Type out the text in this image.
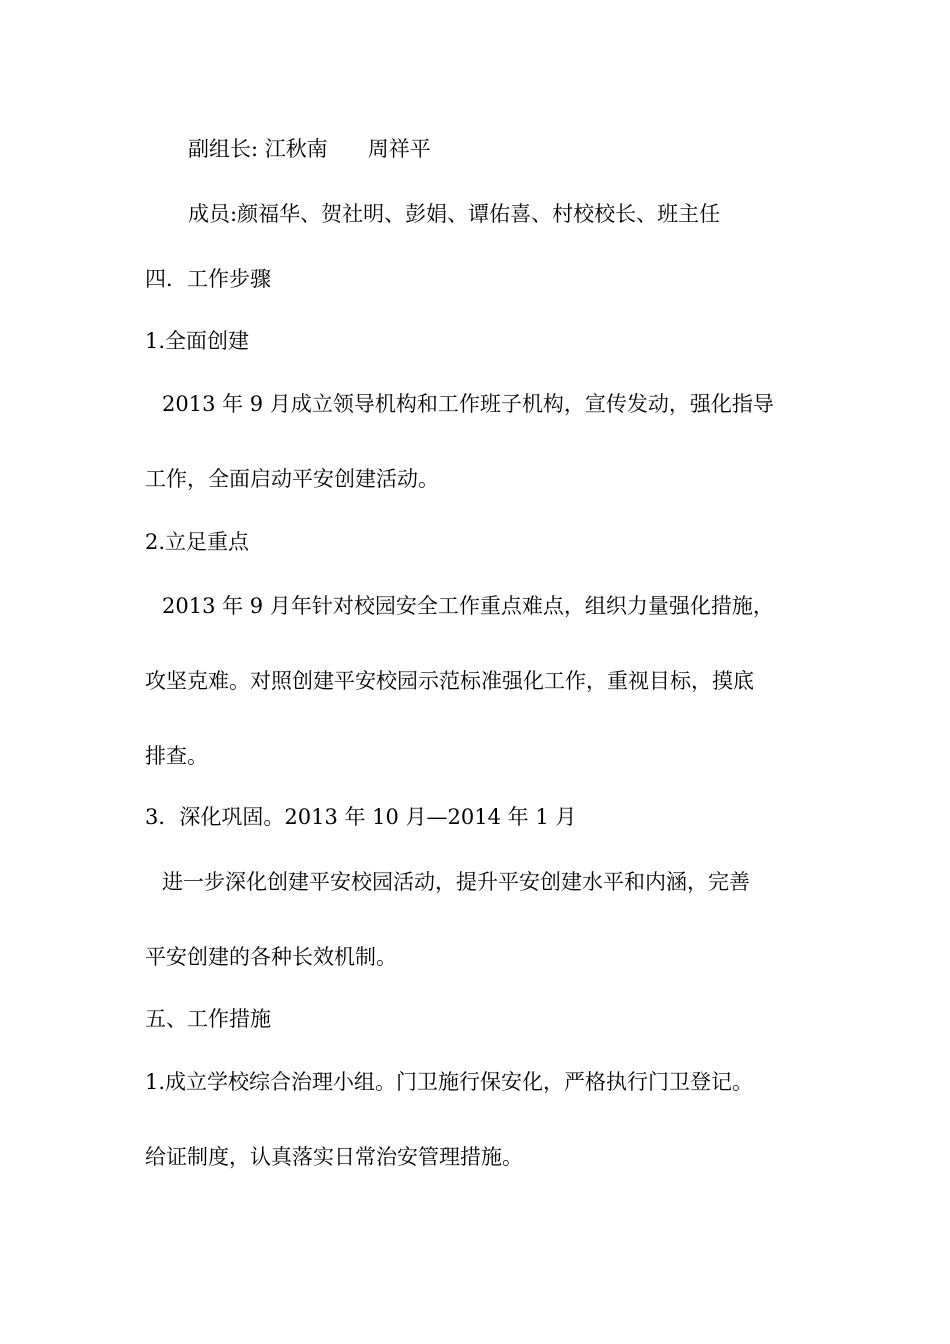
副组长: 江秋南      周祥平
成员:颜福华、贺社明、彭娟、谭佑喜、村校校长、班主任
四．工作步骤
1.全面创建
2013 年 9 月成立领导机构和工作班子机构，宣传发动，强化指导
工作，全面启动平安创建活动。
2.立足重点
2013 年 9 月年针对校园安全工作重点难点，组织力量强化措施，
攻坚克难。对照创建平安校园示范标准强化工作，重视目标，摸底
排查。
3．深化巩固。2013 年 10 月—2014 年 1 月
进一步深化创建平安校园活动，提升平安创建水平和内涵，完善
平安创建的各种长效机制。
五、工作措施
1.成立学校综合治理小组。门卫施行保安化，严格执行门卫登记。
给证制度，认真落实日常治安管理措施。
